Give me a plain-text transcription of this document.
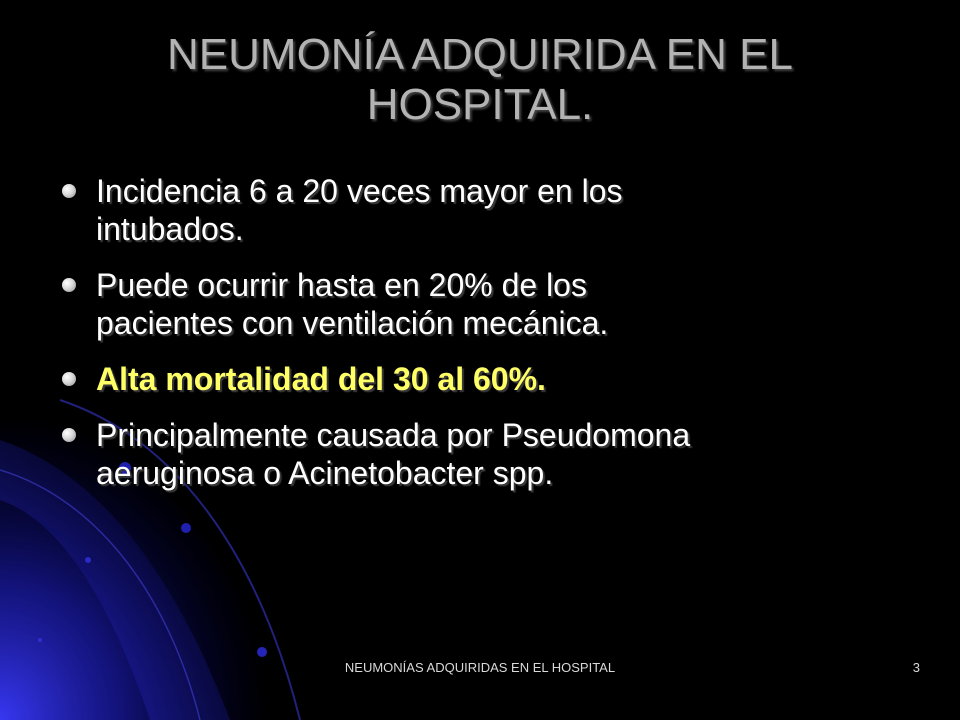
NEUMONÍA ADQUIRIDA EN EL
HOSPITAL.
Incidencia 6 a 20 veces mayor en los
intubados.
Puede ocurrir hasta en 20% de los
pacientes con ventilación mecánica.
Alta mortalidad del 30 al 60%.
Principalmente causada por Pseudomona
aeruginosa o Acinetobacter spp.
NEUMONÍAS ADQUIRIDAS EN EL HOSPITAL	3
